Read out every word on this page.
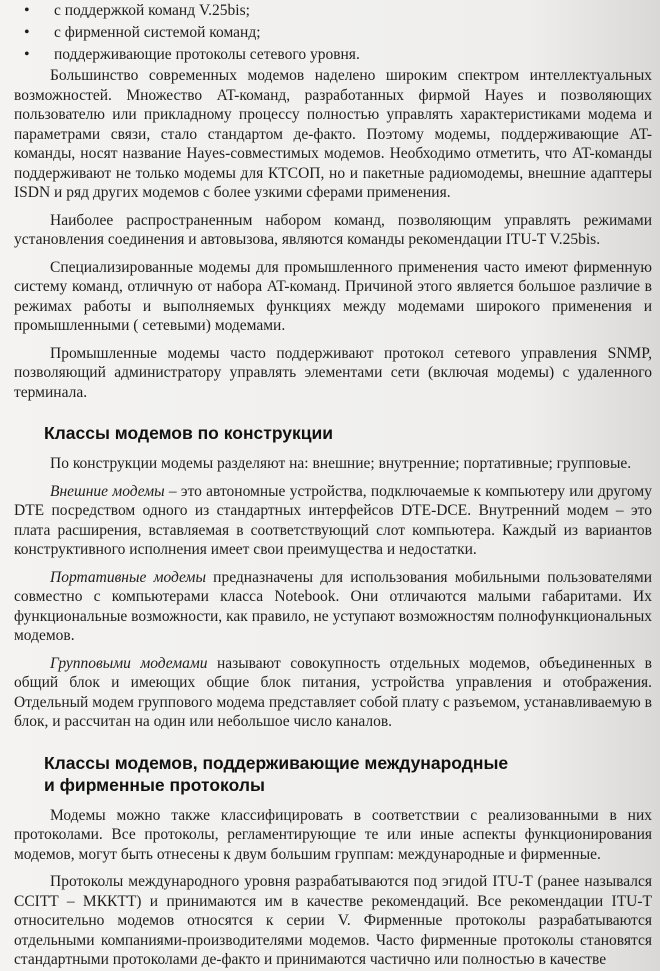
• с поддержкой команд V.25bis;
• с фирменной системой команд;
• поддерживающие протоколы сетевого уровня.

Большинство современных модемов наделено широким спектром интеллектуальных возможностей. Множество AT-команд, разработанных фирмой Hayes и позволяющих пользователю или прикладному процессу полностью управлять характеристиками модема и параметрами связи, стало стандартом де-факто. Поэтому модемы, поддерживающие AT-команды, носят название Hayes-совместимых модемов. Необходимо отметить, что AT-команды поддерживают не только модемы для КТСОП, но и пакетные радиомодемы, внешние адаптеры ISDN и ряд других модемов с более узкими сферами применения.

Наиболее распространенным набором команд, позволяющим управлять режимами установления соединения и автовызова, являются команды рекомендации ITU-T V.25bis.

Специализированные модемы для промышленного применения часто имеют фирменную систему команд, отличную от набора AT-команд. Причиной этого является большое различие в режимах работы и выполняемых функциях между модемами широкого применения и промышленными ( сетевыми) модемами.

Промышленные модемы часто поддерживают протокол сетевого управления SNMP, позволяющий администратору управлять элементами сети (включая модемы) с удаленного терминала.

Классы модемов по конструкции

По конструкции модемы разделяют на: внешние; внутренние; портативные; групповые.

Внешние модемы – это автономные устройства, подключаемые к компьютеру или другому DTE посредством одного из стандартных интерфейсов DTE-DCE. Внутренний модем – это плата расширения, вставляемая в соответствующий слот компьютера. Каждый из вариантов конструктивного исполнения имеет свои преимущества и недостатки.

Портативные модемы предназначены для использования мобильными пользователями совместно с компьютерами класса Notebook. Они отличаются малыми габаритами. Их функциональные возможности, как правило, не уступают возможностям полнофункциональных модемов.

Групповыми модемами называют совокупность отдельных модемов, объединенных в общий блок и имеющих общие блок питания, устройства управления и отображения. Отдельный модем группового модема представляет собой плату с разъемом, устанавливаемую в блок, и рассчитан на один или небольшое число каналов.

Классы модемов, поддерживающие международные
и фирменные протоколы

Модемы можно также классифицировать в соответствии с реализованными в них протоколами. Все протоколы, регламентирующие те или иные аспекты функционирования модемов, могут быть отнесены к двум большим группам: международные и фирменные.

Протоколы международного уровня разрабатываются под эгидой ITU-T (ранее назывался CCITT – МККТТ) и принимаются им в качестве рекомендаций. Все рекомендации ITU-T относительно модемов относятся к серии V. Фирменные протоколы разрабатываются отдельными компаниями-производителями модемов. Часто фирменные протоколы становятся стандартными протоколами де-факто и принимаются частично или полностью в качестве
